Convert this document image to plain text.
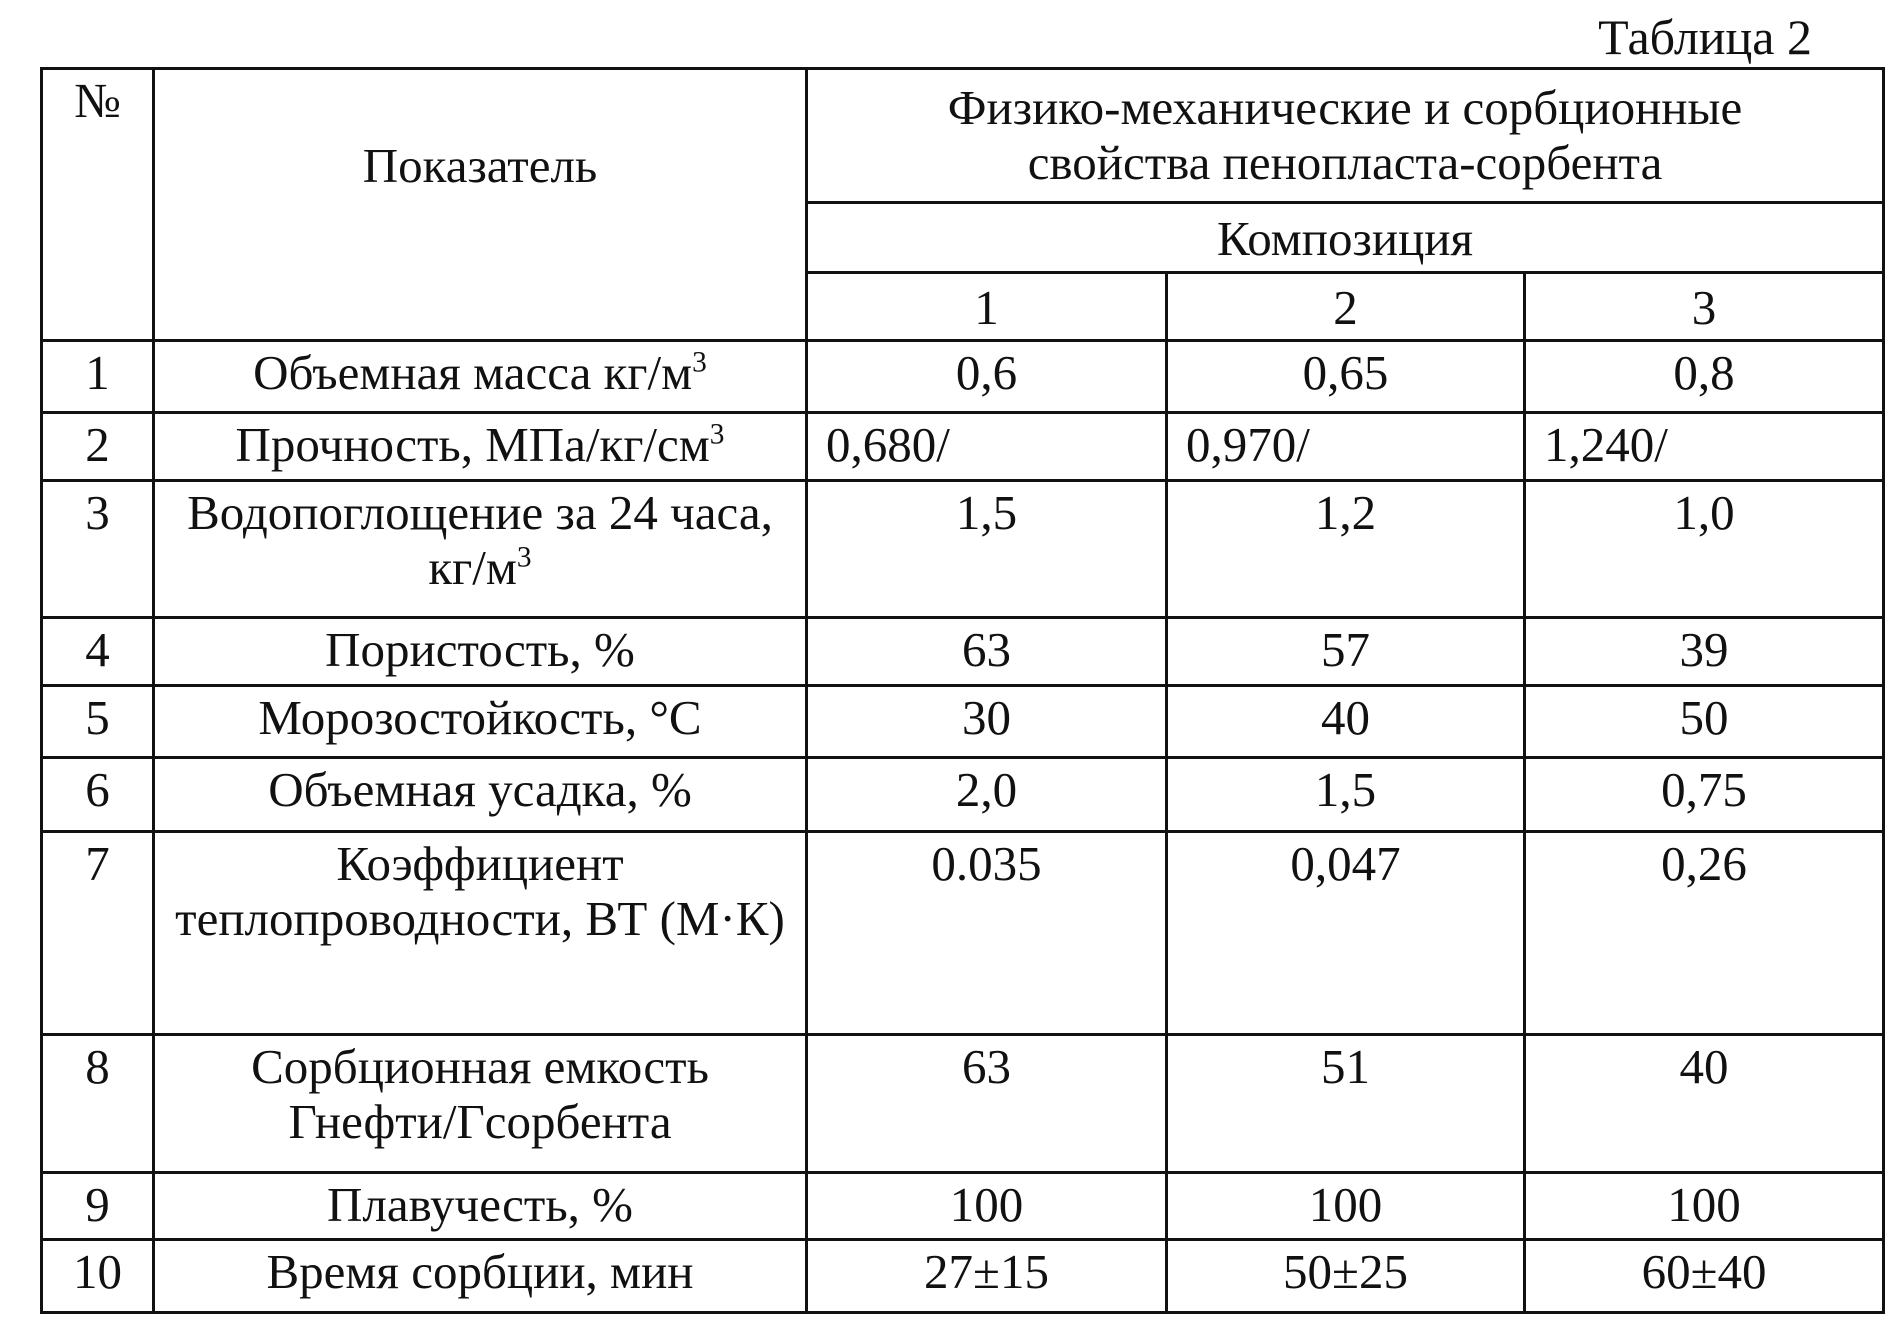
Таблица 2
№	Показатель	Физико-механические и сорбционные свойства пенопласта-сорбента		
		Композиция		
		1	2	3
1	Объемная масса $кг/м^3$	0,6	0,65	0,8
2	Прочность, МПа/$кг/см^3$	0,680/	0,970/	1,240/
3	Водопоглощение за 24 часа, $кг/м^3$	1,5	1,2	1,0
4	Пористость, %	63	57	39
5	Морозостойкость, °С	30	40	50
6	Объемная усадка, %	2,0	1,5	0,75
7	Коэффициент теплопроводности, ВТ (М·К)	0.035	0,047	0,26
8	Сорбционная емкость Гнефти/Гсорбента	63	51	40
9	Плавучесть, %	100	100	100
10	Время сорбции, мин	27±15	50±25	60±40
